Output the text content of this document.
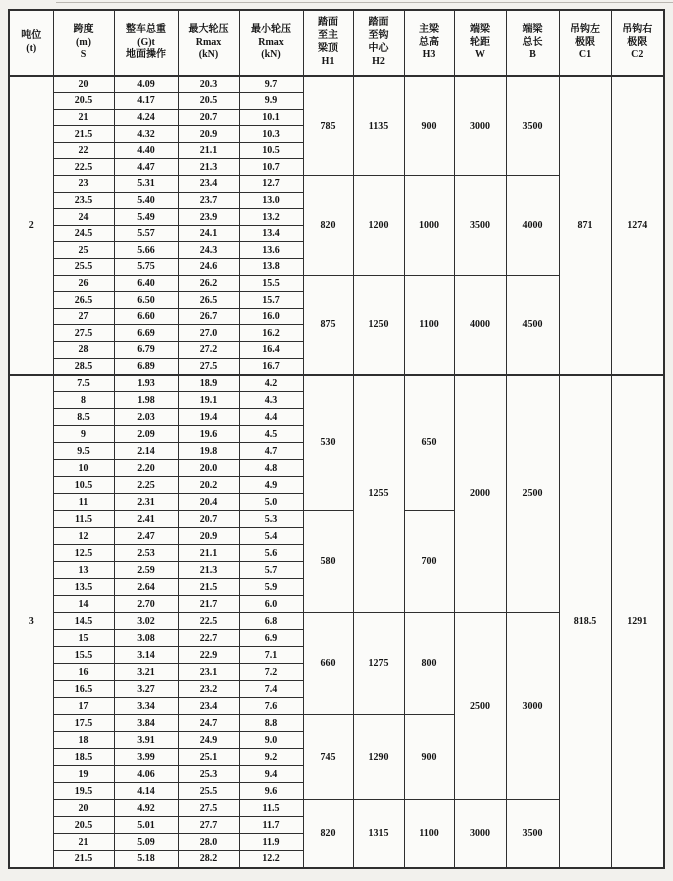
吨位
(t)

跨度
(m)
S

整车总重
(G)t
地面操作

最大轮压
Rmax
(kN)

最小轮压
Rmax
(kN)

踏面
至主
梁顶
H1

踏面
至钩
中心
H2

主梁
总高
H3

端梁
轮距
W

端梁
总长
B

吊钩左
极限
C1

吊钩右
极限
C2

2	20	4.09	20.3	9.7	785	1135	900	3000	3500	871	1274
	20.5	4.17	20.5	9.9							
	21	4.24	20.7	10.1							
	21.5	4.32	20.9	10.3							
	22	4.40	21.1	10.5							
	22.5	4.47	21.3	10.7							
	23	5.31	23.4	12.7	820	1200	1000	3500	4000		
	23.5	5.40	23.7	13.0							
	24	5.49	23.9	13.2							
	24.5	5.57	24.1	13.4							
	25	5.66	24.3	13.6							
	25.5	5.75	24.6	13.8							
	26	6.40	26.2	15.5	875	1250	1100	4000	4500		
	26.5	6.50	26.5	15.7							
	27	6.60	26.7	16.0							
	27.5	6.69	27.0	16.2							
	28	6.79	27.2	16.4							
	28.5	6.89	27.5	16.7							
3	7.5	1.93	18.9	4.2	530	1255	650	2000	2500	818.5	1291
	8	1.98	19.1	4.3							
	8.5	2.03	19.4	4.4							
	9	2.09	19.6	4.5							
	9.5	2.14	19.8	4.7							
	10	2.20	20.0	4.8							
	10.5	2.25	20.2	4.9							
	11	2.31	20.4	5.0							
	11.5	2.41	20.7	5.3	580		700				
	12	2.47	20.9	5.4							
	12.5	2.53	21.1	5.6							
	13	2.59	21.3	5.7							
	13.5	2.64	21.5	5.9							
	14	2.70	21.7	6.0							
	14.5	3.02	22.5	6.8	660	1275	800	2500	3000		
	15	3.08	22.7	6.9							
	15.5	3.14	22.9	7.1							
	16	3.21	23.1	7.2							
	16.5	3.27	23.2	7.4							
	17	3.34	23.4	7.6							
	17.5	3.84	24.7	8.8	745	1290	900				
	18	3.91	24.9	9.0							
	18.5	3.99	25.1	9.2							
	19	4.06	25.3	9.4							
	19.5	4.14	25.5	9.6							
	20	4.92	27.5	11.5	820	1315	1100	3000	3500		
	20.5	5.01	27.7	11.7							
	21	5.09	28.0	11.9							
	21.5	5.18	28.2	12.2							
